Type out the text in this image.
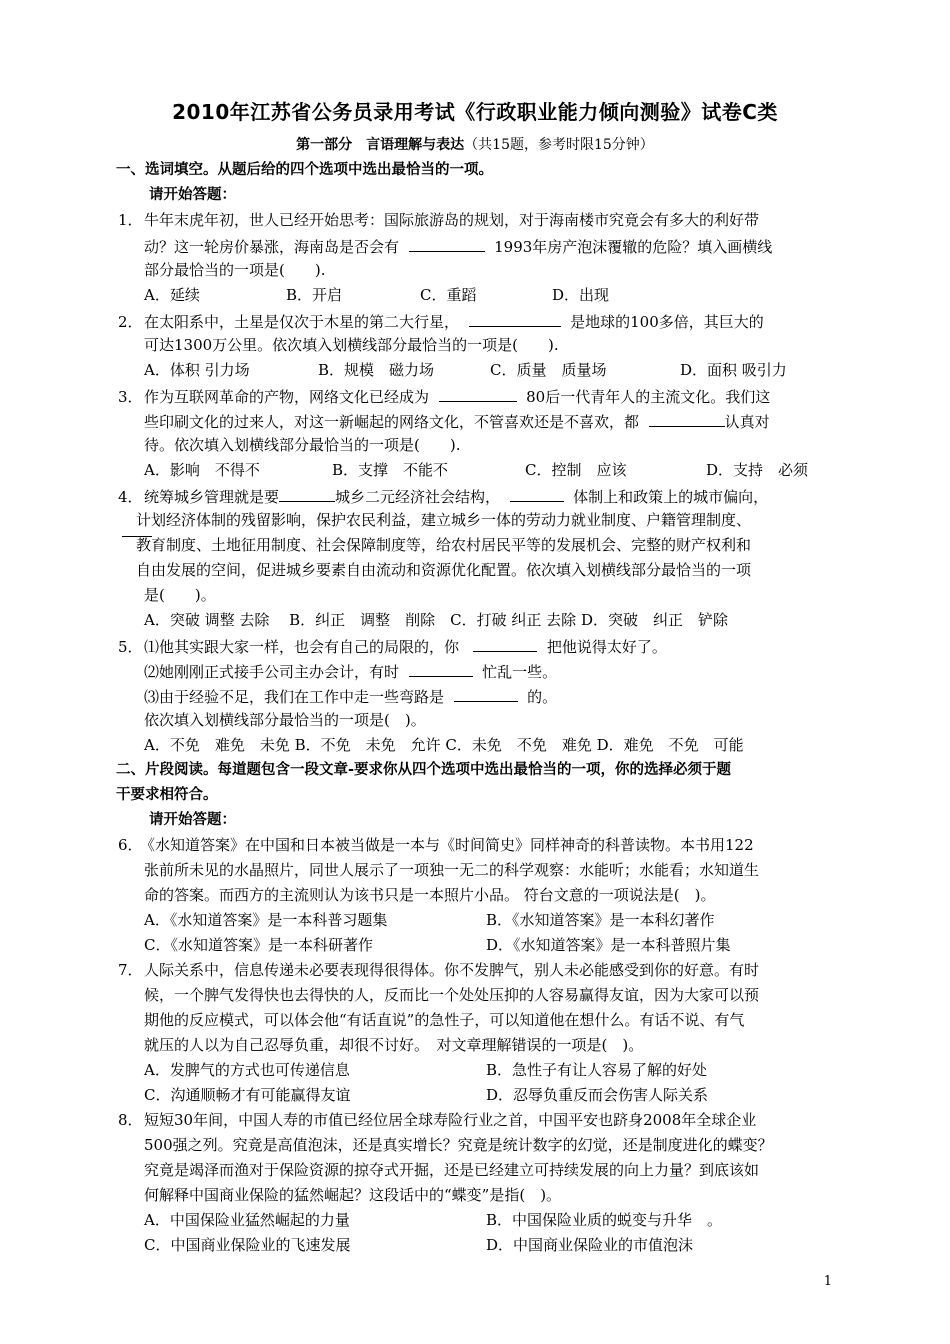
2010年江苏省公务员录用考试《行政职业能力倾向测验》试卷C类
第一部分　言语理解与表达（共15题，参考时限15分钟）
一、选词填空。从题后给的四个选项中选出最恰当的一项。
请开始答题：
1．牛年末虎年初，世人已经开始思考：国际旅游岛的规划，对于海南楼市究竟会有多大的利好带
动？这一轮房价暴涨，海南岛是否会有	1993年房产泡沫覆辙的危险？填入画横线
部分最恰当的一项是(　　).
A．延续	B．开启	C．重蹈	D．出现
2．在太阳系中，土星是仅次于木星的第二大行星，	是地球的100多倍，其巨大的
可达1300万公里。依次填入划横线部分最恰当的一项是(　　).
A．体积 引力场	B．规模　磁力场	C．质量　质量场	D．面积 吸引力
3．作为互联网革命的产物，网络文化已经成为	80后一代青年人的主流文化。我们这
些印刷文化的过来人，对这一新崛起的网络文化，不管喜欢还是不喜欢，都	认真对
待。依次填入划横线部分最恰当的一项是(　　).
A．影响　不得不	B．支撑　不能不	C．控制　应该	D．支持　必须
4．统筹城乡管理就是要	城乡二元经济社会结构，	体制上和政策上的城市偏向，
计划经济体制的残留影响，保护农民利益，建立城乡一体的劳动力就业制度、户籍管理制度、
教育制度、土地征用制度、社会保障制度等，给农村居民平等的发展机会、完整的财产权利和
自由发展的空间，促进城乡要素自由流动和资源优化配置。依次填入划横线部分最恰当的一项
是(　　)。
A．突破 调整 去除　 B．纠正　调整　削除　C．打破 纠正 去除 D．突破　纠正　铲除
5．⑴他其实跟大家一样，也会有自己的局限的，你	把他说得太好了。
⑵她刚刚正式接手公司主办会计，有时	忙乱一些。
⑶由于经验不足，我们在工作中走一些弯路是	的。
依次填入划横线部分最恰当的一项是(　)。
A．不免　难免　未免 B．不免　未免　允许 C．未免　不免　难免 D．难免　不免　可能
二、片段阅读。每道题包含一段文章-要求你从四个选项中选出最恰当的一项，你的选择必须于题
干要求相符合。
请开始答题：
6．《水知道答案》在中国和日本被当做是一本与《时间简史》同样神奇的科普读物。本书用122
张前所未见的水晶照片，同世人展示了一项独一无二的科学观察：水能听；水能看；水知道生
命的答案。而西方的主流则认为该书只是一本照片小品。 符台文意的一项说法是(　)。
A．《水知道答案》是一本科普习题集	B．《水知道答案》是一本科幻著作
C．《水知道答案》是一本科研著作	D．《水知道答案》是一本科普照片集
7．人际关系中，信息传递未必要表现得很得体。你不发脾气，别人未必能感受到你的好意。有时
候，一个脾气发得快也去得快的人，反而比一个处处压抑的人容易赢得友谊，因为大家可以预
期他的反应模式，可以体会他“有话直说”的急性子，可以知道他在想什么。有话不说、有气
就压的人以为自己忍辱负重，却很不讨好。　对文章理解错误的一项是(　)。
A．发脾气的方式也可传递信息	B．急性子有让人容易了解的好处
C．沟通顺畅才有可能赢得友谊	D．忍辱负重反而会伤害人际关系
8．短短30年间，中国人寿的市值已经位居全球寿险行业之首，中国平安也跻身2008年全球企业
500强之列。究竟是高值泡沫，还是真实增长？究竟是统计数字的幻觉，还是制度进化的蝶变？
究竟是竭泽而渔对于保险资源的掠夺式开掘，还是已经建立可持续发展的向上力量？到底该如
何解释中国商业保险的猛然崛起？这段话中的“蝶变”是指(　)。
A．中国保险业猛然崛起的力量	B．中国保险业质的蜕变与升华　。
C．中国商业保险业的飞速发展	D．中国商业保险业的市值泡沫
1
